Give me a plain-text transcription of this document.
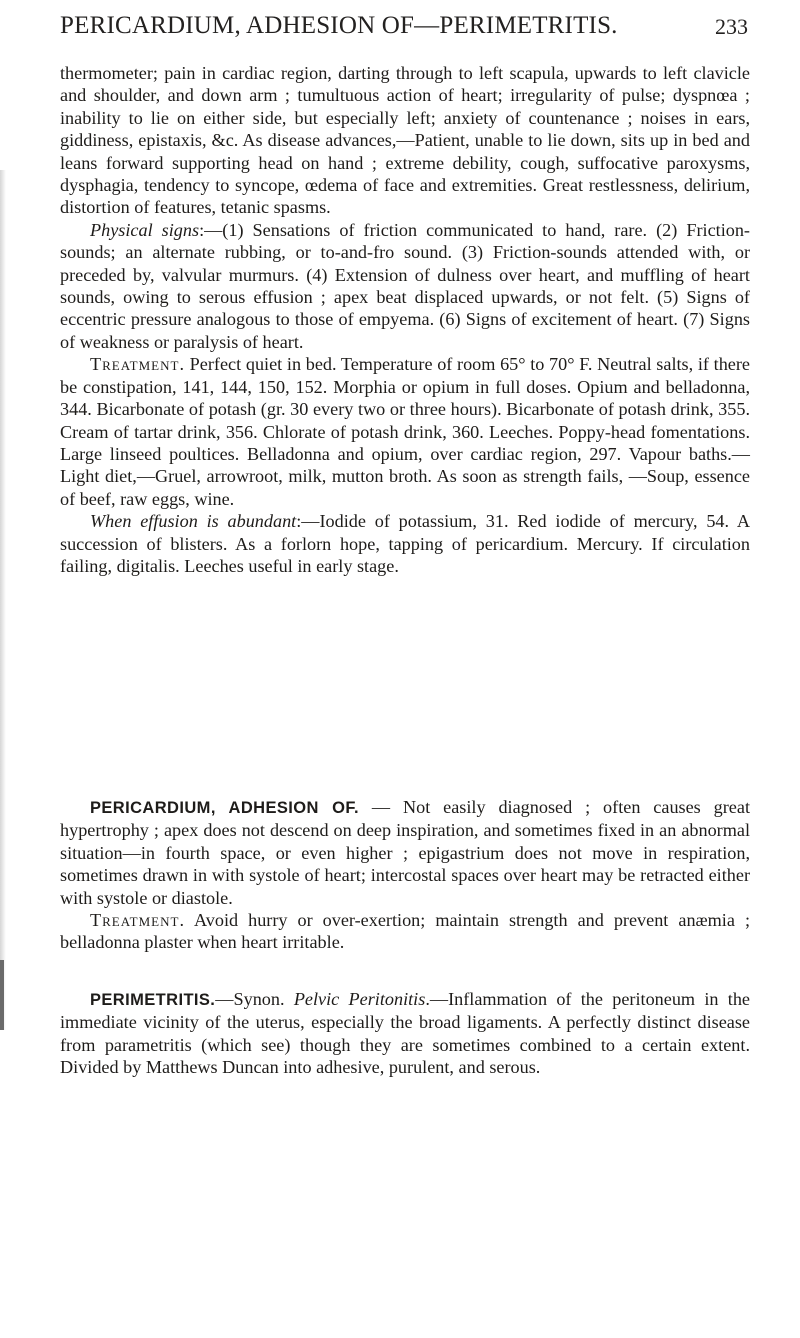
PERICARDIUM, ADHESION OF—PERIMETRITIS.	233

thermometer; pain in cardiac region, darting through to left scapula, upwards to left clavicle and shoulder, and down arm ; tumultuous action of heart; irregularity of pulse; dyspnœa ; inability to lie on either side, but especially left; anxiety of countenance ; noises in ears, giddiness, epistaxis, &c. As disease advances,—Patient, unable to lie down, sits up in bed and leans forward supporting head on hand ; extreme debility, cough, suffocative paroxysms, dysphagia, tendency to syncope, œdema of face and extremities. Great restlessness, delirium, distortion of features, tetanic spasms.

Physical signs:—(1) Sensations of friction communicated to hand, rare. (2) Friction-sounds; an alternate rubbing, or to-and-fro sound. (3) Friction-sounds attended with, or preceded by, valvular murmurs. (4) Extension of dulness over heart, and muffling of heart sounds, owing to serous effusion ; apex beat displaced upwards, or not felt. (5) Signs of eccentric pressure analogous to those of empyema. (6) Signs of excitement of heart. (7) Signs of weakness or paralysis of heart.

Treatment. Perfect quiet in bed. Temperature of room 65° to 70° F. Neutral salts, if there be constipation, 141, 144, 150, 152. Morphia or opium in full doses. Opium and belladonna, 344. Bicarbonate of potash (gr. 30 every two or three hours). Bicarbonate of potash drink, 355. Cream of tartar drink, 356. Chlorate of potash drink, 360. Leeches. Poppy-head fomentations. Large linseed poultices. Belladonna and opium, over cardiac region, 297. Vapour baths.—Light diet,—Gruel, arrowroot, milk, mutton broth. As soon as strength fails, —Soup, essence of beef, raw eggs, wine.

When effusion is abundant:—Iodide of potassium, 31. Red iodide of mercury, 54. A succession of blisters. As a forlorn hope, tapping of pericardium. Mercury. If circulation failing, digitalis. Leeches useful in early stage.

PERICARDIUM, ADHESION OF. — Not easily diagnosed ; often causes great hypertrophy ; apex does not descend on deep inspiration, and sometimes fixed in an abnormal situation—in fourth space, or even higher ; epigastrium does not move in respiration, sometimes drawn in with systole of heart; intercostal spaces over heart may be retracted either with systole or diastole.

Treatment. Avoid hurry or over-exertion; maintain strength and prevent anæmia ; belladonna plaster when heart irritable.

PERIMETRITIS.—Synon. Pelvic Peritonitis.—Inflammation of the peritoneum in the immediate vicinity of the uterus, especially the broad ligaments. A perfectly distinct disease from parametritis (which see) though they are sometimes combined to a certain extent. Divided by Matthews Duncan into adhesive, purulent, and serous.
